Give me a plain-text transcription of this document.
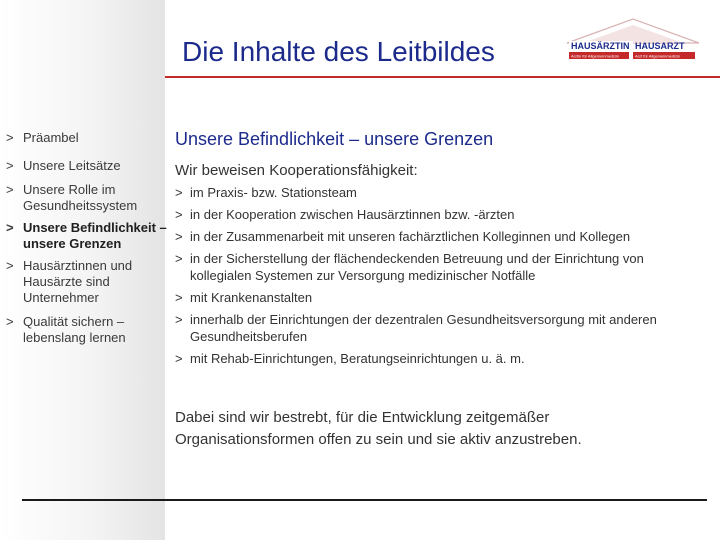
Die Inhalte des Leitbildes	HAUSÄRZTIN HAUSARZT
Ärztin für Allgemeinmedizin	Arzt für Allgemeinmedizin
> Präambel
> Unsere Leitsätze
> Unsere Rolle im Gesundheitssystem
> Unsere Befindlichkeit – unsere Grenzen
> Hausärztinnen und Hausärzte sind Unternehmer
> Qualität sichern – lebenslang lernen
Unsere Befindlichkeit – unsere Grenzen
Wir beweisen Kooperationsfähigkeit:
> im Praxis- bzw. Stationsteam
> in der Kooperation zwischen Hausärztinnen bzw. -ärzten
> in der Zusammenarbeit mit unseren fachärztlichen Kolleginnen und Kollegen
> in der Sicherstellung der flächendeckenden Betreuung und der Einrichtung von kollegialen Systemen zur Versorgung medizinischer Notfälle
> mit Krankenanstalten
> innerhalb der Einrichtungen der dezentralen Gesundheitsversorgung mit anderen Gesundheitsberufen
> mit Rehab-Einrichtungen, Beratungseinrichtungen u. ä. m.

Dabei sind wir bestrebt, für die Entwicklung zeitgemäßer Organisationsformen offen zu sein und sie aktiv anzustreben.
